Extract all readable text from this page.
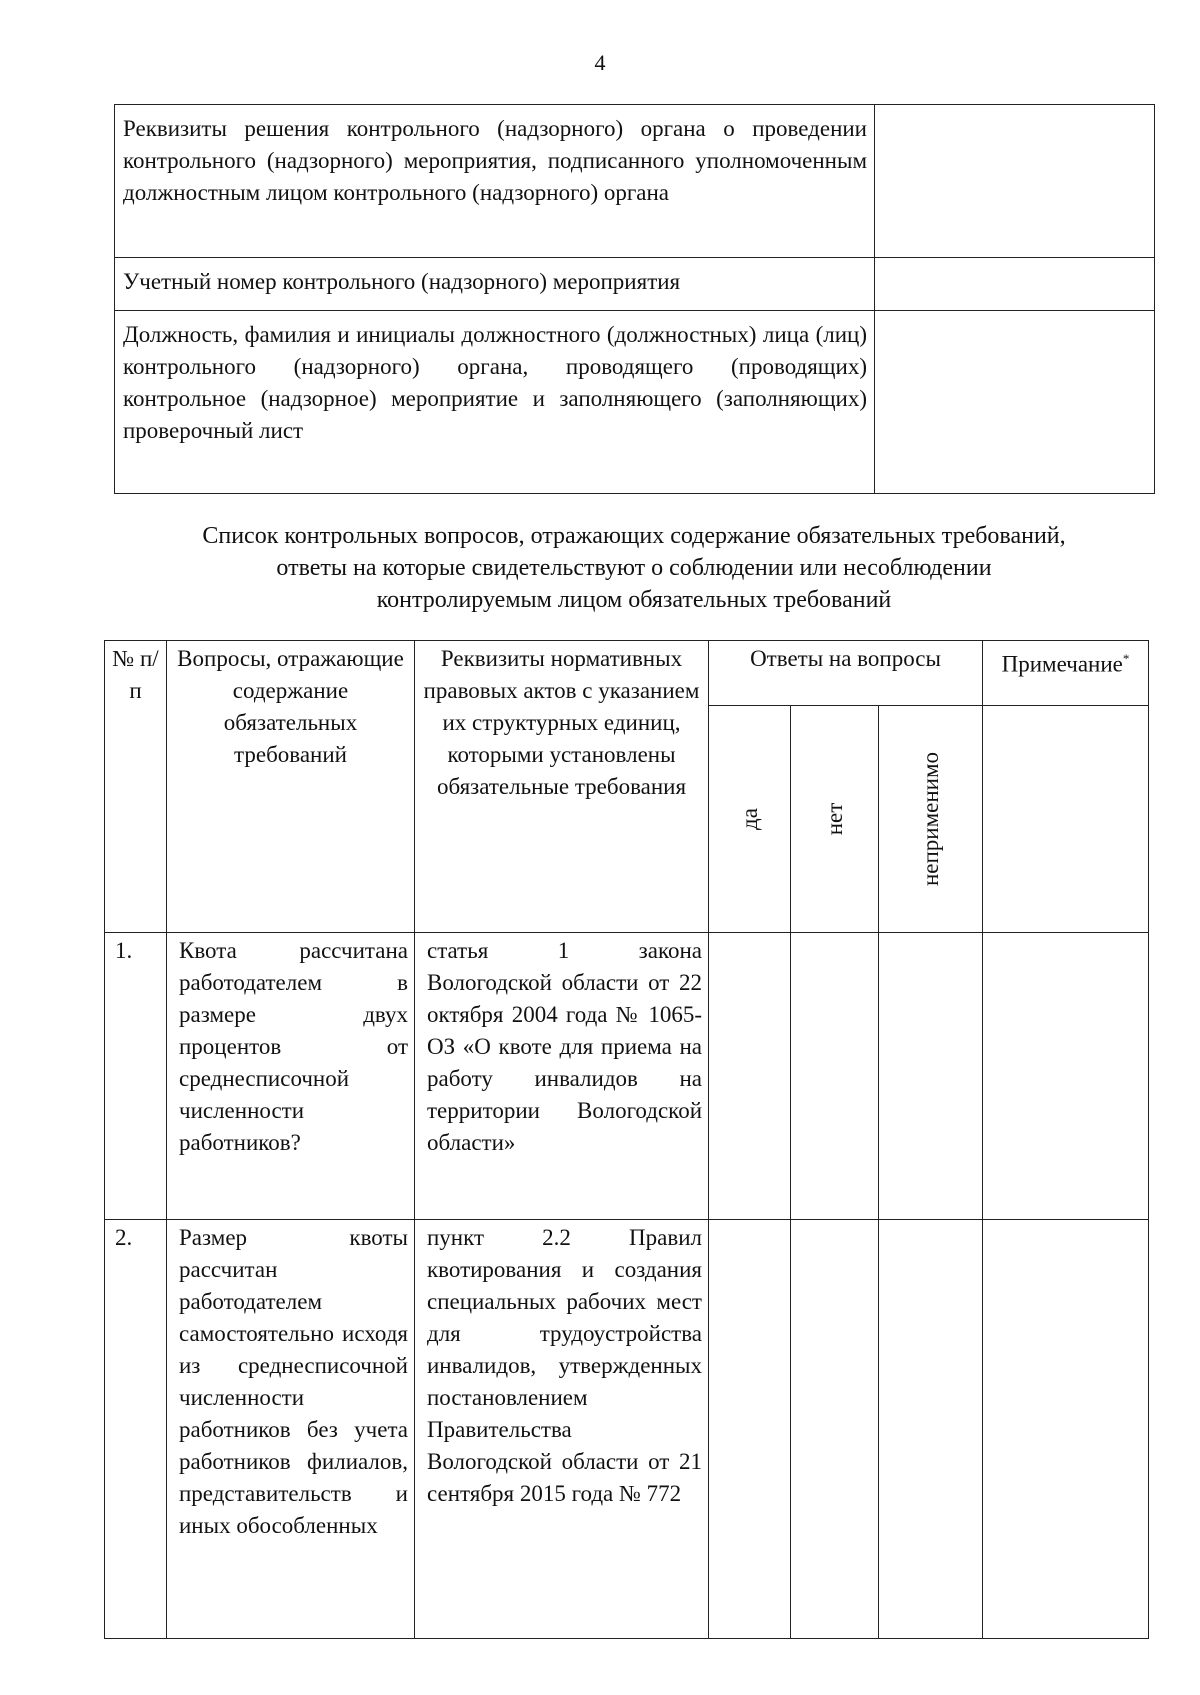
4
Реквизиты решения контрольного (надзорного) органа о проведении контрольного (надзорного) мероприятия, подписанного уполномоченным должностным лицом контрольного (надзорного) органа	
Учетный номер контрольного (надзорного) мероприятия	
Должность, фамилия и инициалы должностного (должностных) лица (лиц) контрольного (надзорного) органа, проводящего (проводящих) контрольное (надзорное) мероприятие и заполняющего (заполняющих) проверочный лист	
Список контрольных вопросов, отражающих содержание обязательных требований,
ответы на которые свидетельствуют о соблюдении или несоблюдении
контролируемым лицом обязательных требований
№ п/п	Вопросы, отражающие содержание обязательных требований	Реквизиты нормативных правовых актов с указанием их структурных единиц, которыми установлены обязательные требования	Ответы на вопросы			Примечание*

			да	нет	неприменимо	

1.	Квота рассчитана работодателем в размере двух процентов от среднесписочной численности работников?	статья 1 закона Вологодской области от 22 октября 2004 года № 1065-ОЗ «О квоте для приема на работу инвалидов на территории Вологодской области»				
2.	Размер квоты рассчитан работодателем самостоятельно исходя из среднесписочной численности работников без учета работников филиалов, представительств и иных обособленных	пункт 2.2 Правил квотирования и создания специальных рабочих мест для трудоустройства инвалидов, утвержденных постановлением Правительства Вологодской области от 21 сентября 2015 года № 772				
